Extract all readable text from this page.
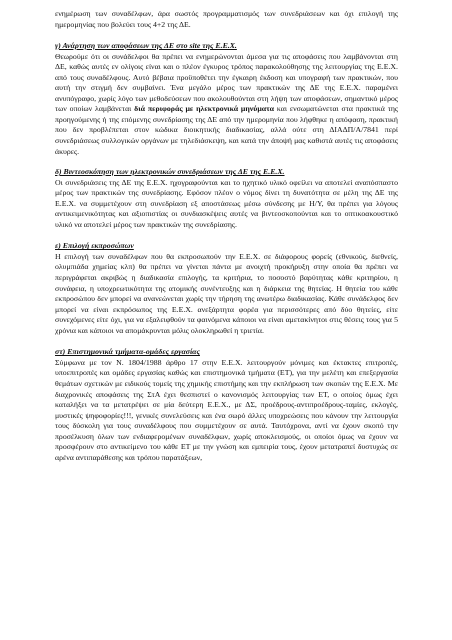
ενημέρωση των συναδέλφων, άρα σωστός προγραμματισμός των συνεδριάσεων και όχι επιλογή της ημερομηνίας που βολεύει τους 4+2 της ΔΕ.

γ) Ανάρτηση των αποφάσεων της ΔΕ στο site της Ε.Ε.Χ.

Θεωρούμε ότι οι συνάδελφοι θα πρέπει να ενημερώνονται άμεσα για τις αποφάσεις που λαμβάνονται στη ΔΕ, καθώς αυτές εν ολίγοις είναι και ο πλέον έγκυρος τρόπος παρακολούθησης της λειτουργίας της Ε.Ε.Χ. από τους συναδέλφους. Αυτό βέβαια προϋποθέτει την έγκαιρη έκδοση και υπογραφή των πρακτικών, που αυτή την στιγμή δεν συμβαίνει. Ένα μεγάλο μέρος των πρακτικών της ΔΕ της Ε.Ε.Χ. παραμένει ανυπόγραφο, χωρίς λόγο των μεθοδεύσεων που ακολουθούνται στη λήψη των αποφάσεων, σημαντικό μέρος των οποίων λαμβάνεται διά περιφοράς με ηλεκτρονικά μηνύματα και ενσωματώνεται στα πρακτικά της προηγούμενης ή της επόμενης συνεδρίασης της ΔΕ από την ημερομηνία που λήφθηκε η απόφαση, πρακτική που δεν προβλέπεται στον κώδικα διοικητικής διαδικασίας, αλλά ούτε στη ΔΙΑΔΠ/Α/7841 περί συνεδριάσεως συλλογικών οργάνων με τηλεδιάσκεψη, και κατά την άποψή μας καθιστά αυτές τις αποφάσεις άκυρες.

δ) Βιντεοσκόπηση των ηλεκτρονικών συνεδριάσεων της ΔΕ της Ε.Ε.Χ.

Οι συνεδριάσεις της ΔΕ της Ε.Ε.Χ. ηχογραφούνται και το ηχητικό υλικό οφείλει να αποτελεί αναπόσπαστο μέρος των πρακτικών της συνεδρίασης. Εφόσον πλέον ο νόμος δίνει τη δυνατότητα σε μέλη της ΔΕ της Ε.Ε.Χ. να συμμετέχουν στη συνεδρίαση εξ αποστάσεως μέσω σύνδεσης με Η/Υ, θα πρέπει για λόγους αντικειμενικότητας και αξιοπιστίας οι συνδιασκέψεις αυτές να βιντεοσκοπούνται και το οπτικοακουστικό υλικό να αποτελεί μέρος των πρακτικών της συνεδρίασης.

ε) Επιλογή εκπροσώπων

Η επιλογή των συναδέλφων που θα εκπροσωπούν την Ε.Ε.Χ. σε διάφορους φορείς (εθνικούς, διεθνείς, ολυμπιάδα χημείας κλπ) θα πρέπει να γίνεται πάντα με ανοιχτή προκήρυξη στην οποία θα πρέπει να περιγράφεται ακριβώς η διαδικασία επιλογής, τα κριτήρια, το ποσοστό βαρύτητας κάθε κριτηρίου, η συνάφεια, η υποχρεωτικότητα της ατομικής συνέντευξης και η διάρκεια της θητείας. Η θητεία του κάθε εκπροσώπου δεν μπορεί να ανανεώνεται χωρίς την τήρηση της ανωτέρω διαδικασίας. Κάθε συνάδελφος δεν μπορεί να είναι εκπρόσωπος της Ε.Ε.Χ. ανεξάρτητα φορέα για περισσότερες από δύο θητείες, είτε συνεχόμενες είτε όχι, για να εξαλειφθούν τα φαινόμενα κάποιοι να είναι αμετακίνητοι στις θέσεις τους για 5 χρόνια και κάποιοι να απομάκρυνται μόλις ολοκληρωθεί η τριετία.

στ) Επιστημονικά τμήματα-ομάδες εργασίας

Σύμφωνα με τον Ν. 1804/1988 άρθρο 17 στην Ε.Ε.Χ. λειτουργούν μόνιμες και έκτακτες επιτροπές, υποεπιτροπές και ομάδες εργασίας καθώς και επιστημονικά τμήματα (ΕΤ), για την μελέτη και επεξεργασία θεμάτων σχετικών με ειδικούς τομείς της χημικής επιστήμης και την εκπλήρωση των σκοπών της Ε.Ε.Χ. Με διαχρονικές αποφάσεις της ΣτΑ έχει θεσπιστεί ο κανονισμός λειτουργίας των ΕΤ, ο οποίος όμως έχει καταλήξει να τα μετατρέψει σε μία δεύτερη Ε.Ε.Χ., με ΔΣ, προέδρους-αντιπροέδρους-ταμίες, εκλογές, μυστικές ψηφοφορίες!!!, γενικές συνελεύσεις και ένα σωρό άλλες υποχρεώσεις που κάνουν την λειτουργία τους δύσκολη για τους συναδέλφους που συμμετέχουν σε αυτά. Ταυτόχρονα, αντί να έχουν σκοπό την προσέλκυση όλων των ενδιαφερομένων συναδέλφων, χωρίς αποκλεισμούς, οι οποίοι όμως να έχουν να προσφέρουν στο αντικείμενο του κάθε ΕΤ με την γνώση και εμπειρία τους, έχουν μετατραπεί δυστυχώς σε αρένα αντιπαράθεσης και τρόπου παρατάξεων,
